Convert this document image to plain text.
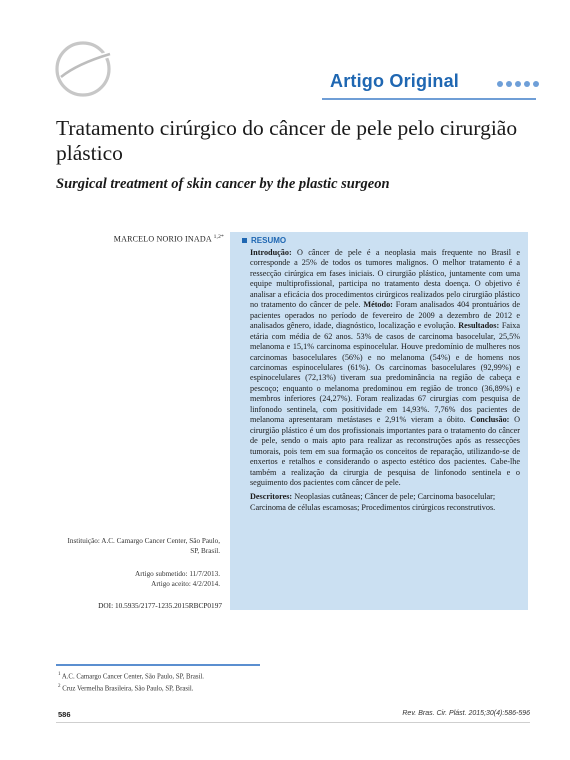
Artigo Original
Tratamento cirúrgico do câncer de pele pelo cirurgião plástico
Surgical treatment of skin cancer by the plastic surgeon
MARCELO NORIO INADA $^{1,2*}$
Instituição: A.C. Camargo Cancer Center, São Paulo, SP, Brasil.
Artigo submetido: 11/7/2013.
Artigo aceito: 4/2/2014.
DOI: 10.5935/2177-1235.2015RBCP0197
RESUMO
Introdução: O câncer de pele é a neoplasia mais frequente no Brasil e corresponde a 25% de todos os tumores malignos. O melhor tratamento é a ressecção cirúrgica em fases iniciais. O cirurgião plástico, juntamente com uma equipe multiprofissional, participa no tratamento desta doença. O objetivo é analisar a eficácia dos procedimentos cirúrgicos realizados pelo cirurgião plástico no tratamento do câncer de pele. Método: Foram analisados 404 prontuários de pacientes operados no período de fevereiro de 2009 a dezembro de 2012 e analisados gênero, idade, diagnóstico, localização e evolução. Resultados: Faixa etária com média de 62 anos. 53% de casos de carcinoma basocelular, 25,5% melanoma e 15,1% carcinoma espinocelular. Houve predomínio de mulheres nos carcinomas basocelulares (56%) e no melanoma (54%) e de homens nos carcinomas espinocelulares (61%). Os carcinomas basocelulares (92,99%) e espinocelulares (72,13%) tiveram sua predominância na região de cabeça e pescoço; enquanto o melanoma predominou em região de tronco (36,89%) e membros inferiores (24,27%). Foram realizadas 67 cirurgias com pesquisa de linfonodo sentinela, com positividade em 14,93%. 7,76% dos pacientes de melanoma apresentaram metástases e 2,91% vieram a óbito. Conclusão: O cirurgião plástico é um dos profissionais importantes para o tratamento do câncer de pele, sendo o mais apto para realizar as reconstruções após as ressecções tumorais, pois tem em sua formação os conceitos de reparação, utilizando-se de enxertos e retalhos e considerando o aspecto estético dos pacientes. Cabe-lhe também a realização da cirurgia de pesquisa de linfonodo sentinela e o seguimento dos pacientes com câncer de pele.
Descritores: Neoplasias cutâneas; Câncer de pele; Carcinoma basocelular; Carcinoma de células escamosas; Procedimentos cirúrgicos reconstrutivos.
$^1$ A.C. Camargo Cancer Center, São Paulo, SP, Brasil.
$^2$ Cruz Vermelha Brasileira, São Paulo, SP, Brasil.
586	Rev. Bras. Cir. Plást. 2015;30(4):586-596
